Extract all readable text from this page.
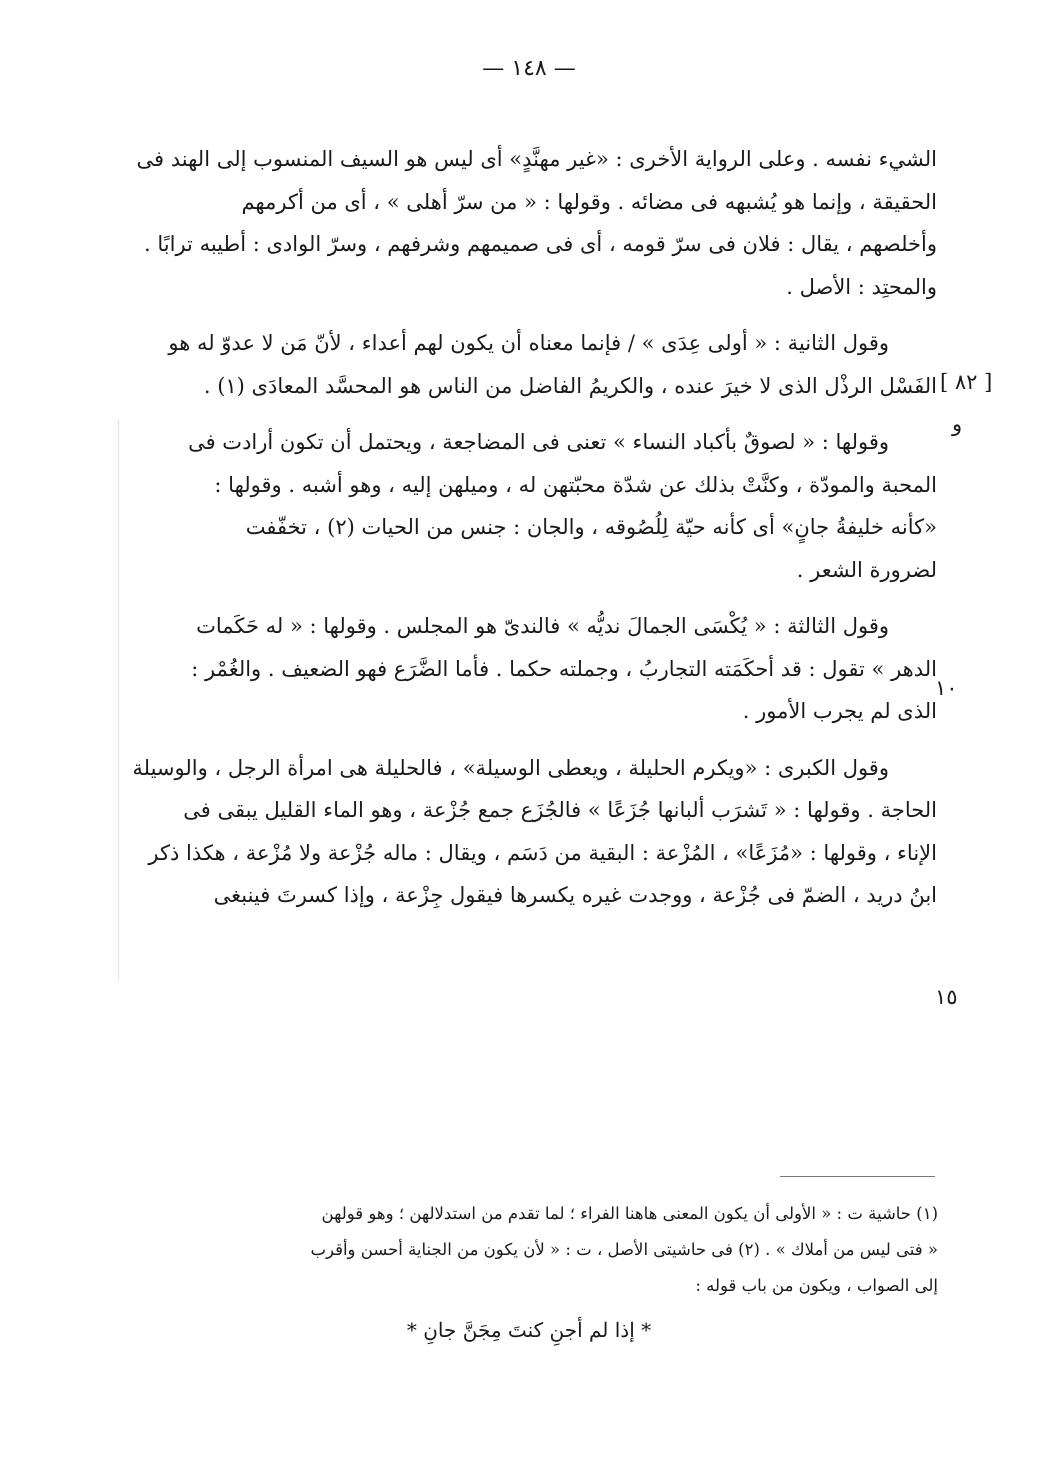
— ١٤٨ —
[ ٨٢ ]
و
١٠
١٥

الشيء نفسه . وعلى الرواية الأخرى : «غير مهنَّدٍ» أى ليس هو السيف المنسوب إلى الهند فى

الحقيقة ، وإنما هو يُشبهه فى مضائه . وقولها : « من سرّ أهلى » ، أى من أكرمهم

وأخلصهم ، يقال : فلان فى سرّ قومه ، أى فى صميمهم وشرفهم ، وسرّ الوادى : أطيبه ترابًا .

والمحتِد : الأصل .

وقول الثانية : « أولى عِدَى » / فإنما معناه أن يكون لهم أعداء ، لأنّ مَن لا عدوّ له هو

الفَسْل الرذْل الذى لا خيرَ عنده ، والكريمُ الفاضل من الناس هو المحسَّد المعادَى (١) .

وقولها : « لصوقٌ بأكباد النساء » تعنى فى المضاجعة ، ويحتمل أن تكون أرادت فى

المحبة والمودّة ، وكنَّتْ بذلك عن شدّة محبّتهن له ، وميلهن إليه ، وهو أشبه . وقولها :

«كأنه خليفةُ جانٍ» أى كأنه حيّة لِلُصُوقه ، والجان : جنس من الحيات (٢) ، تخفّفت

لضرورة الشعر .

وقول الثالثة : « يُكْسَى الجمالَ نديُّه » فالندىّ هو المجلس . وقولها : « له حَكَمات

الدهر » تقول : قد أحكَمَته التجاربُ ، وجملته حكما . فأما الضَّرَع فهو الضعيف . والغُمْر :

الذى لم يجرب الأمور .

وقول الكبرى : «ويكرم الحليلة ، ويعطى الوسيلة» ، فالحليلة هى امرأة الرجل ، والوسيلة

الحاجة . وقولها : « تَشرَب ألبانها جُزَعًا » فالجُزَع جمع جُزْعة ، وهو الماء القليل يبقى فى

الإناء ، وقولها : «مُزَعًا» ، المُزْعة : البقية من دَسَم ، ويقال : ماله جُزْعة ولا مُزْعة ، هكذا ذكر

ابنُ دريد ، الضمّ فى جُزْعة ، ووجدت غيره يكسرها فيقول جِزْعة ، وإذا كسرتَ فينبغى

(١) حاشية ت : « الأولى أن يكون المعنى هاهنا الفراء ؛ لما تقدم من استدلالهن ؛ وهو قولهن

« فتى ليس من أملاك » . (٢) فى حاشيتى الأصل ، ت : « لأن يكون من الجناية أحسن وأقرب

إلى الصواب ، ويكون من باب قوله :

* إذا لم أجنِ كنتَ مِجَنَّ جانِ *
